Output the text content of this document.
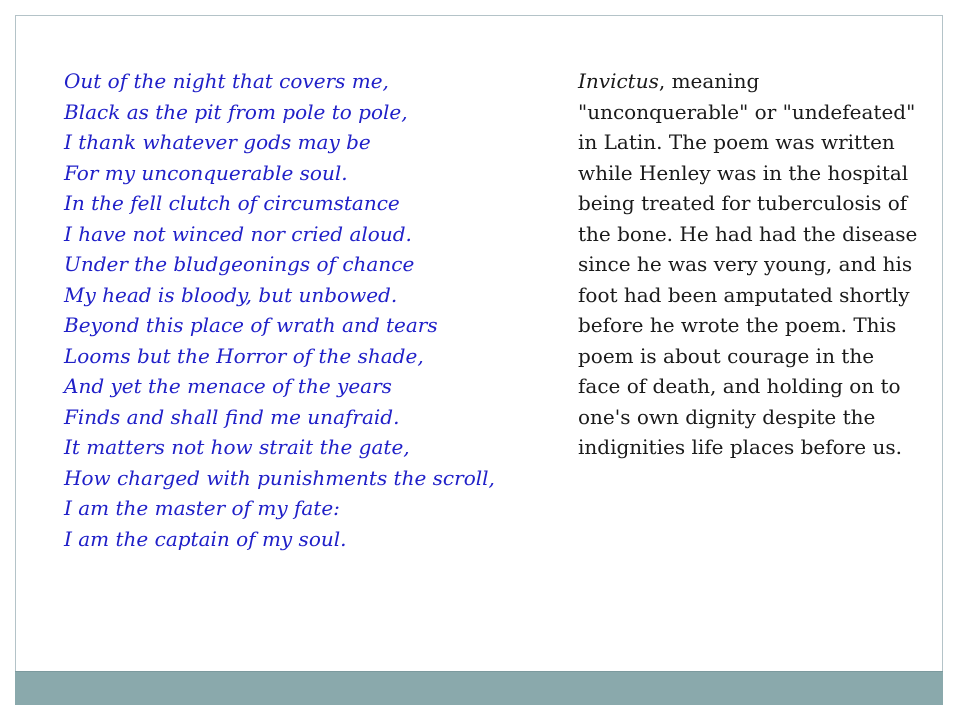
Out of the night that covers me,
Black as the pit from pole to pole,
I thank whatever gods may be
For my unconquerable soul.
In the fell clutch of circumstance
I have not winced nor cried aloud.
Under the bludgeonings of chance
My head is bloody, but unbowed.
Beyond this place of wrath and tears
Looms but the Horror of the shade,
And yet the menace of the years
Finds and shall find me unafraid.
It matters not how strait the gate,
How charged with punishments the scroll,
I am the master of my fate:
I am the captain of my soul.

Invictus, meaning "unconquerable" or "undefeated" in Latin. The poem was written while Henley was in the hospital being treated for tuberculosis of the bone. He had had the disease since he was very young, and his foot had been amputated shortly before he wrote the poem. This poem is about courage in the face of death, and holding on to one's own dignity despite the indignities life places before us.
